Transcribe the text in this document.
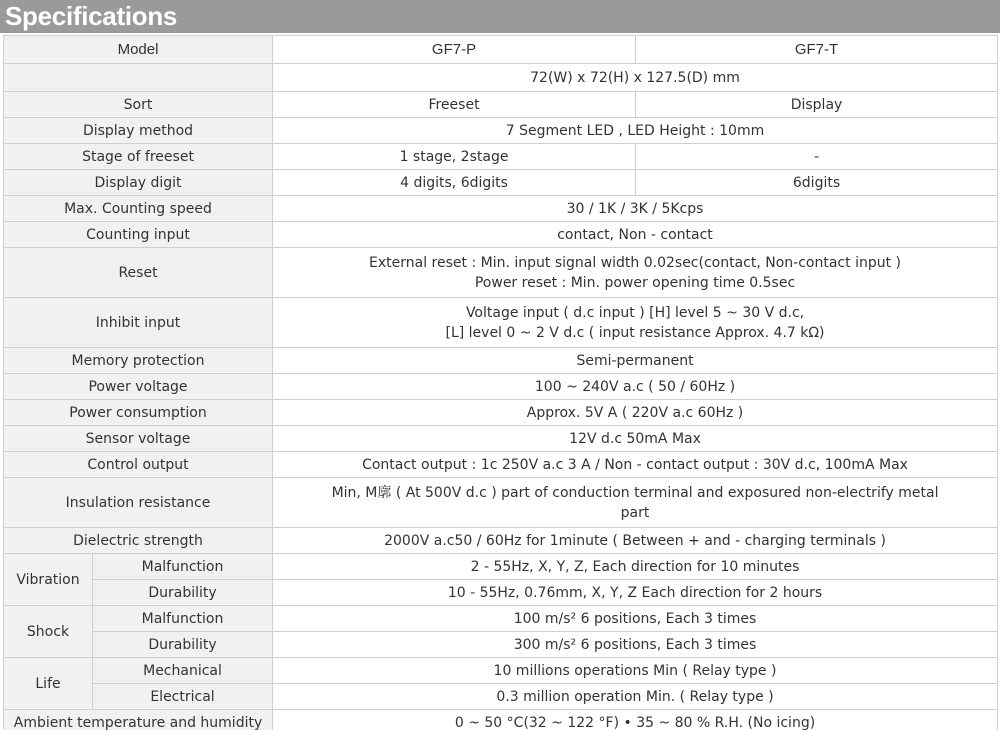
Specifications
Model		GF7-P	GF7-T
		72(W) x 72(H) x 127.5(D) mm	
Sort		Freeset	Display
Display method		7 Segment LED , LED Height : 10mm	
Stage of freeset		1 stage, 2stage	-
Display digit		4 digits, 6digits	6digits
Max. Counting speed		30 / 1K / 3K / 5Kcps	
Counting input		contact, Non - contact	
Reset		External reset : Min. input signal width 0.02sec(contact, Non-contact input )
Power reset : Min. power opening time 0.5sec	

Inhibit input		Voltage input ( d.c input ) [H] level 5 ~ 30 V d.c,
[L] level 0 ~ 2 V d.c ( input resistance Approx. 4.7 kΩ)	

Memory protection		Semi-permanent	
Power voltage		100 ~ 240V a.c ( 50 / 60Hz )	
Power consumption		Approx. 5V A ( 220V a.c 60Hz )	
Sensor voltage		12V d.c 50mA Max	
Control output		Contact output : 1c 250V a.c 3 A / Non - contact output : 30V d.c, 100mA Max	
Insulation resistance		Min, M廓 ( At 500V d.c ) part of conduction terminal and exposured non-electrify metal
part	

Dielectric strength		2000V a.c50 / 60Hz for 1minute ( Between + and - charging terminals )	
Vibration	Malfunction	2 - 55Hz, X, Y, Z, Each direction for 10 minutes	
	Durability	10 - 55Hz, 0.76mm, X, Y, Z Each direction for 2 hours	
Shock	Malfunction	100 m/s² 6 positions, Each 3 times	
	Durability	300 m/s² 6 positions, Each 3 times	
Life	Mechanical	10 millions operations Min ( Relay type )	
	Electrical	0.3 million operation Min. ( Relay type )	
Ambient temperature and humidity		0 ~ 50 °C(32 ~ 122 °F) • 35 ~ 80 % R.H. (No icing)	
